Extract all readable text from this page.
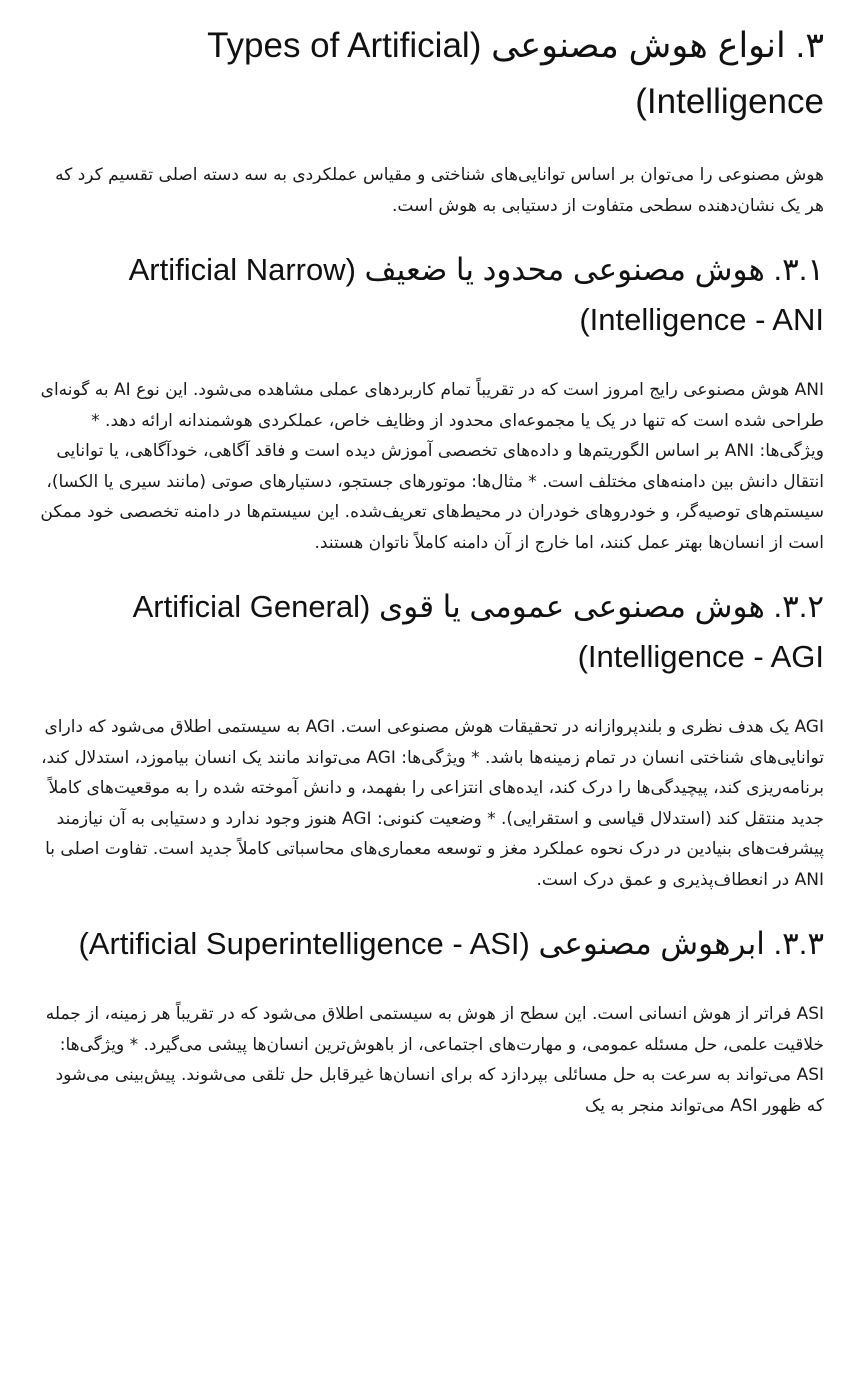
۳. انواع هوش مصنوعی (Types of Artificial Intelligence)

هوش مصنوعی را می‌توان بر اساس توانایی‌های شناختی و مقیاس عملکردی به سه دسته اصلی تقسیم کرد که هر یک نشان‌دهنده سطحی متفاوت از دستیابی به هوش است.

۳.۱. هوش مصنوعی محدود یا ضعیف (Artificial Narrow Intelligence - ANI)

ANI هوش مصنوعی رایج امروز است که در تقریباً تمام کاربردهای عملی مشاهده می‌شود. این نوع AI به گونه‌ای طراحی شده است که تنها در یک یا مجموعه‌ای محدود از وظایف خاص، عملکردی هوشمندانه ارائه دهد. * ویژگی‌ها: ANI بر اساس الگوریتم‌ها و داده‌های تخصصی آموزش دیده است و فاقد آگاهی، خودآگاهی، یا توانایی انتقال دانش بین دامنه‌های مختلف است. * مثال‌ها: موتورهای جستجو، دستیارهای صوتی (مانند سیری یا الکسا)، سیستم‌های توصیه‌گر، و خودروهای خودران در محیط‌های تعریف‌شده. این سیستم‌ها در دامنه تخصصی خود ممکن است از انسان‌ها بهتر عمل کنند، اما خارج از آن دامنه کاملاً ناتوان هستند.

۳.۲. هوش مصنوعی عمومی یا قوی (Artificial General Intelligence - AGI)

AGI یک هدف نظری و بلندپروازانه در تحقیقات هوش مصنوعی است. AGI به سیستمی اطلاق می‌شود که دارای توانایی‌های شناختی انسان در تمام زمینه‌ها باشد. * ویژگی‌ها: AGI می‌تواند مانند یک انسان بیاموزد، استدلال کند، برنامه‌ریزی کند، پیچیدگی‌ها را درک کند، ایده‌های انتزاعی را بفهمد، و دانش آموخته شده را به موقعیت‌های کاملاً جدید منتقل کند (استدلال قیاسی و استقرایی). * وضعیت کنونی: AGI هنوز وجود ندارد و دستیابی به آن نیازمند پیشرفت‌های بنیادین در درک نحوه عملکرد مغز و توسعه معماری‌های محاسباتی کاملاً جدید است. تفاوت اصلی با ANI در انعطاف‌پذیری و عمق درک است.

۳.۳. ابرهوش مصنوعی (Artificial Superintelligence - ASI)

ASI فراتر از هوش انسانی است. این سطح از هوش به سیستمی اطلاق می‌شود که در تقریباً هر زمینه، از جمله خلاقیت علمی، حل مسئله عمومی، و مهارت‌های اجتماعی، از باهوش‌ترین انسان‌ها پیشی می‌گیرد. * ویژگی‌ها: ASI می‌تواند به سرعت به حل مسائلی بپردازد که برای انسان‌ها غیرقابل حل تلقی می‌شوند. پیش‌بینی می‌شود که ظهور ASI می‌تواند منجر به یک
